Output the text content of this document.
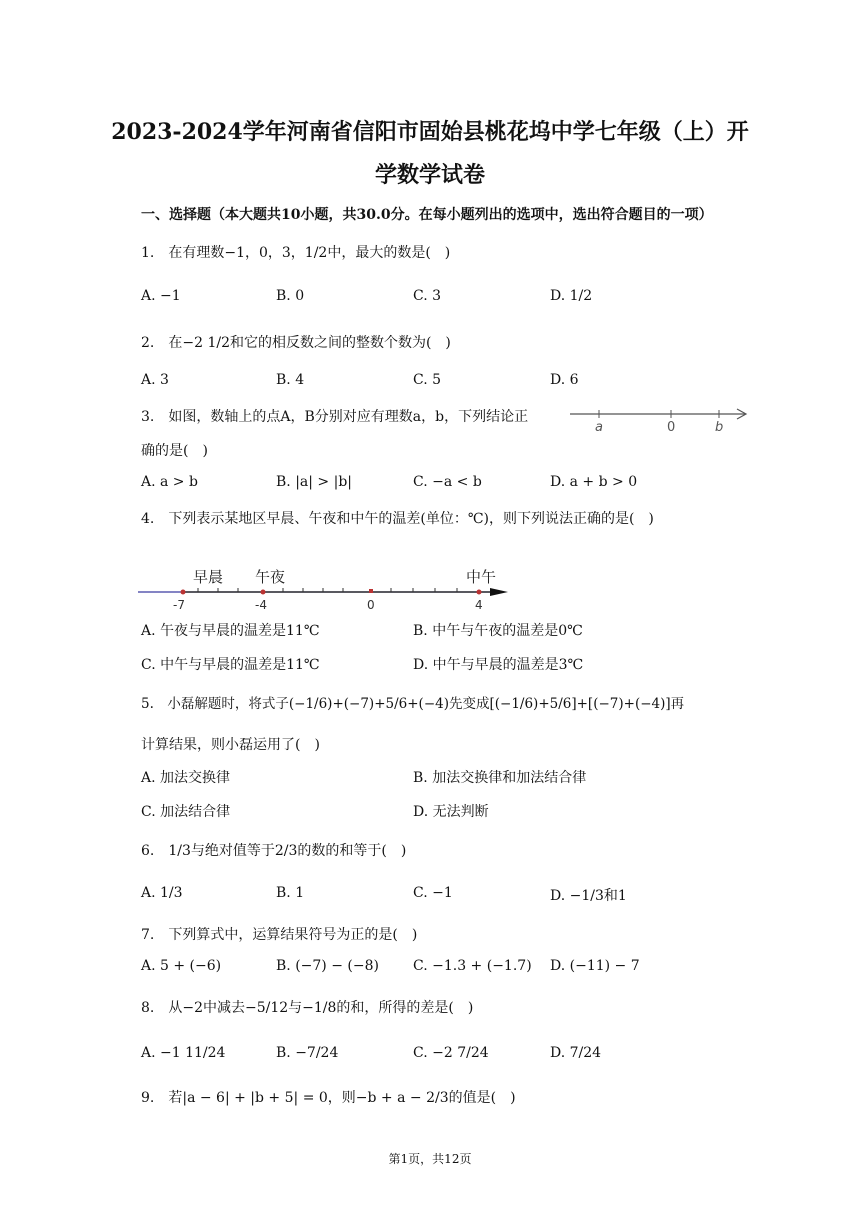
2023-2024学年河南省信阳市固始县桃花坞中学七年级（上）开
学数学试卷
一、选择题（本大题共10小题，共30.0分。在每小题列出的选项中，选出符合题目的一项）
1.　在有理数−1，0，3，1/2中，最大的数是(　)
A. −1	B. 0	C. 3	D. 1/2
2.　在−2 1/2和它的相反数之间的整数个数为(　)
A. 3	B. 4	C. 5	D. 6
3.　如图，数轴上的点A，B分别对应有理数a，b，下列结论正
确的是(　)
a	0	b
A. a > b	B. |a| > |b|	C. −a < b	D. a + b > 0
4.　下列表示某地区早晨、午夜和中午的温差(单位：℃)，则下列说法正确的是(　)
早晨 午夜	中午
-7	-4	0	4
A. 午夜与早晨的温差是11℃	B. 中午与午夜的温差是0℃
C. 中午与早晨的温差是11℃	D. 中午与早晨的温差是3℃
5.　小磊解题时，将式子(−1/6)+(−7)+5/6+(−4)先变成[(−1/6)+5/6]+[(−7)+(−4)]再
计算结果，则小磊运用了(　)
A. 加法交换律	B. 加法交换律和加法结合律
C. 加法结合律	D. 无法判断
6.　1/3与绝对值等于2/3的数的和等于(　)
A. 1/3	B. 1	C. −1	D. −1/3和1
7.　下列算式中，运算结果符号为正的是(　)
A. 5 + (−6)	B. (−7) − (−8) C. −1.3 + (−1.7) D. (−11) − 7
8.　从−2中减去−5/12与−1/8的和，所得的差是(　)
A. −1 11/24	B. −7/24	C. −2 7/24	D. 7/24
9.　若|a − 6| + |b + 5| = 0，则−b + a − 2/3的值是(　)
第1页，共12页
